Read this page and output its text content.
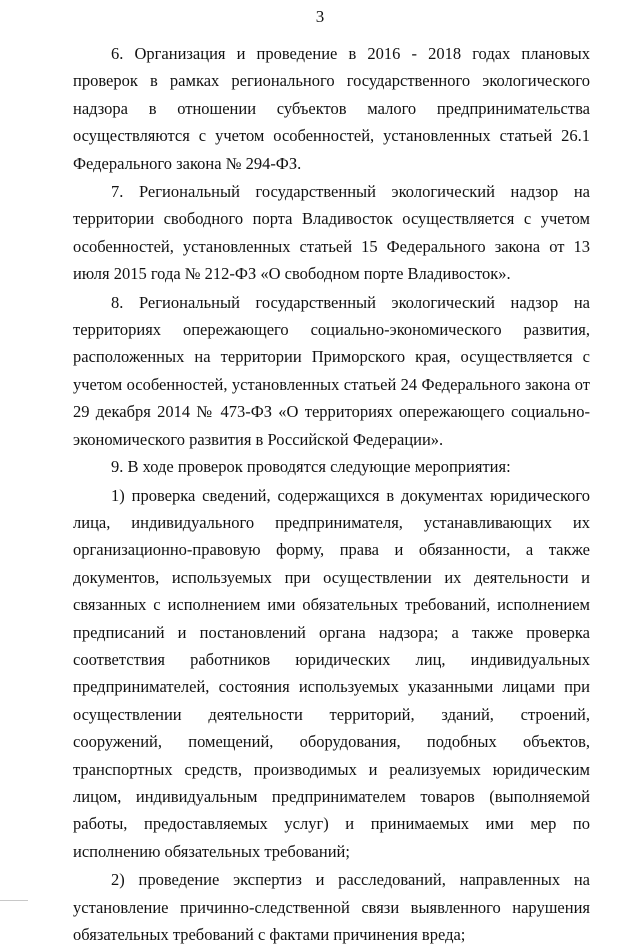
3

6. Организация и проведение в 2016 - 2018 годах плановых проверок в рамках регионального государственного экологического надзора в отношении субъектов малого предпринимательства осуществляются с учетом особенностей, установленных статьей 26.1 Федерального закона № 294-ФЗ.

7. Региональный государственный экологический надзор на территории свободного порта Владивосток осуществляется с учетом особенностей, установленных статьей 15 Федерального закона от 13 июля 2015 года № 212-ФЗ «О свободном порте Владивосток».

8. Региональный государственный экологический надзор на территориях опережающего социально-экономического развития, расположенных на территории Приморского края, осуществляется с учетом особенностей, установленных статьей 24 Федерального закона от 29 декабря 2014 № 473-ФЗ «О территориях опережающего социально-экономического развития в Российской Федерации».

9. В ходе проверок проводятся следующие мероприятия:

1) проверка сведений, содержащихся в документах юридического лица, индивидуального предпринимателя, устанавливающих их организационно-правовую форму, права и обязанности, а также документов, используемых при осуществлении их деятельности и связанных с исполнением ими обязательных требований, исполнением предписаний и постановлений органа надзора; а также проверка соответствия работников юридических лиц, индивидуальных предпринимателей, состояния используемых указанными лицами при осуществлении деятельности территорий, зданий, строений, сооружений, помещений, оборудования, подобных объектов, транспортных средств, производимых и реализуемых юридическим лицом, индивидуальным предпринимателем товаров (выполняемой работы, предоставляемых услуг) и принимаемых ими мер по исполнению обязательных требований;

2) проведение экспертиз и расследований, направленных на установление причинно-следственной связи выявленного нарушения обязательных требований с фактами причинения вреда;
